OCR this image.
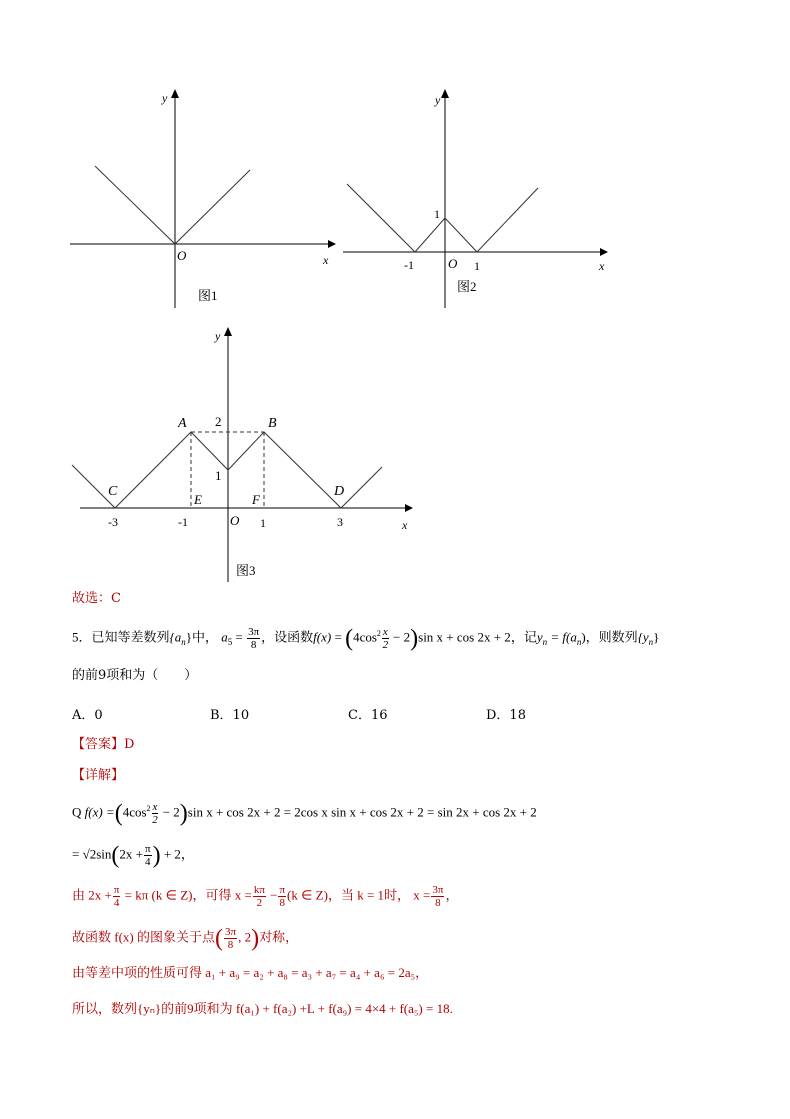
y
x
O
图1
y
x
O
1
-1	1
图2
y
x
A	B
C	D
E	F
2
1
O
-3	-1	1	3
图3
故选：C
5．已知等差数列$\{a_n\}$中， $a_5 = \frac{3\pi}{8}$ ，设函数$f(x) = (4\cos^2 \frac{x}{2} - 2)\sin$ x + cos 2x + 2，记$y_n = f(a_n)$，则数列$\{y_n\}$
的前9项和为（　　）
A．0	B．10	C．16	D．18
【答案】D
【详解】
Q $f(x) =(4\cos^2 \frac{x}{2} - 2)\sin$ x + cos 2x + 2 = 2cos x sin x + cos 2x + 2 = sin 2x + cos 2x + 2
= $√2\sin(2x + \frac{\pi}{4}$ ) + 2，
由 $2x + \frac{\pi}{4} = k\pi$ (k ∈ Z)，可得 $x = \frac{k\pi}{2} - \frac{\pi}{8} (k$ ∈ Z)，当 k = 1时， $x = \frac{3\pi}{8}$ ，
故函数 f(x) 的图象关于点( $\frac{3\pi}{8}$ , 2)对称，
由等差中项的性质可得 a₁ + a₉ = a₂ + a₈ = a₃ + a₇ = a₄ + a₆ = 2a₅，
所以，数列{yₙ}的前9项和为 f(a₁) + f(a₂) +L + f(a₉) = 4×4 + f(a₅) = 18.
